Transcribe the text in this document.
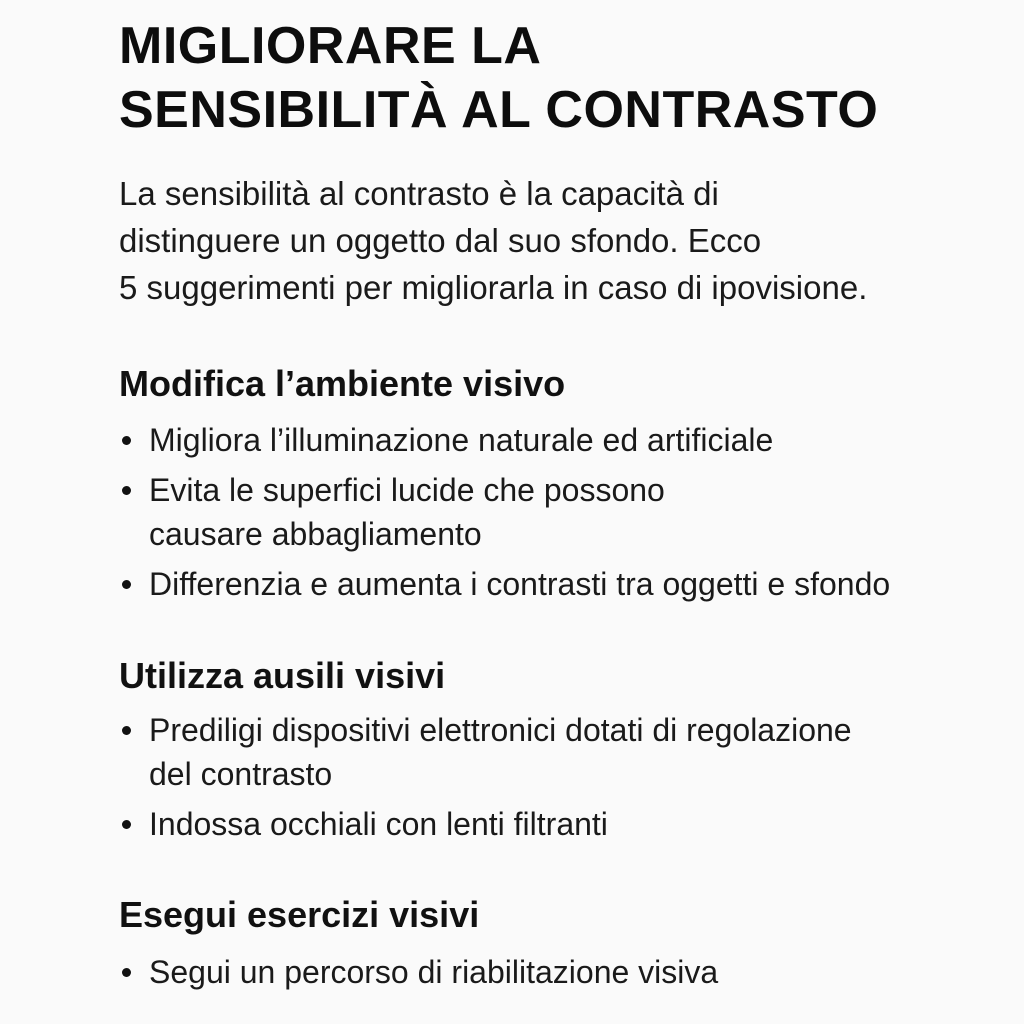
MIGLIORARE LA
SENSIBILITÀ AL CONTRASTO
La sensibilità al contrasto è la capacità di
distinguere un oggetto dal suo sfondo. Ecco
5 suggerimenti per migliorarla in caso di ipovisione.
Modifica l’ambiente visivo
Migliora l’illuminazione naturale ed artificiale
Evita le superfici lucide che possono
causare abbagliamento
Differenzia e aumenta i contrasti tra oggetti e sfondo
Utilizza ausili visivi
Prediligi dispositivi elettronici dotati di regolazione
del contrasto
Indossa occhiali con lenti filtranti
Esegui esercizi visivi
Segui un percorso di riabilitazione visiva
